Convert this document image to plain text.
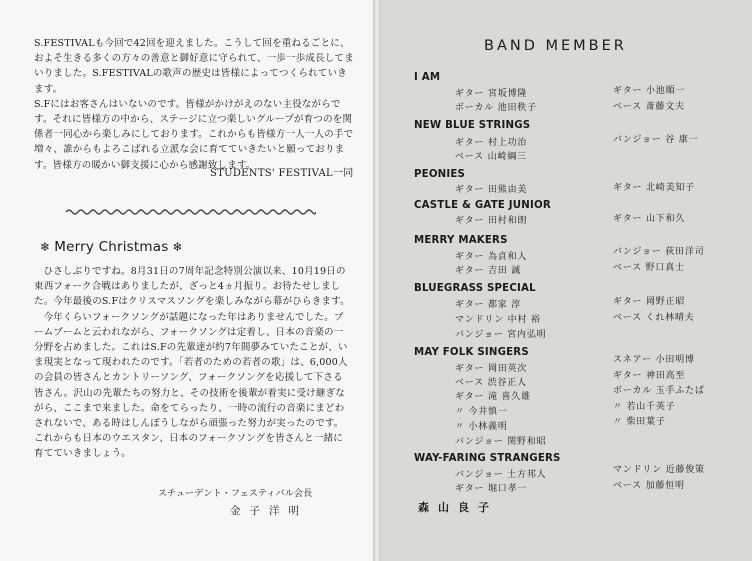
S.FESTIVALも今回で42回を迎えました。こうして回を重ねるごとに、およそ生きる多くの方々の善意と御好意に守られて、一歩一歩成長してまいりました。S.FESTIVALの歌声の歴史は皆様によってつくられていきます。

S.Fにはお客さんはいないのです。皆様がかけがえのない主役ながらです。それに皆様方の中から、ステージに立つ楽しいグループが育つのを関係者一同心から楽しみにしております。これからも皆様方一人一人の手で増々、誰からもよろこばれる立派な会に育てていきたいと願っております。皆様方の暖かい御支援に心から感謝致します。

STUDENTS' FESTIVAL一同
❄ Merry Christmas ❄

ひさしぶりですね。8月31日の7周年記念特別公演以来、10月19日の東西フォーク合戦はありましたが、ざっと4ヵ月振り。お待たせしました。今年最後のS.Fはクリスマスソングを楽しみながら幕がひらきます。

今年くらいフォークソングが話題になった年はありませんでした。ブームブームと云われながら、フォークソングは定着し、日本の音楽の一分野を占めました。これはS.Fの先輩達が約7年間夢みていたことが、いま現実となって現われたのです。「若者のための若者の歌」は、6,000人の会員の皆さんとカントリーソング、フォークソングを応援して下さる皆さん。沢山の先輩たちの努力と、その技術を後輩が着実に受け継ぎながら、ここまで来ました。命をてらったり、一時の流行の音楽にまどわされないで、ある時はしんぼうしながら頑張った努力が実ったのです。これからも日本のウエスタン、日本のフォークソングを皆さんと一緒に育てていきましょう。

スチューデント・フェスティバル会長
金子洋明
BAND MEMBER
I AM
ギター 宮坂博隆
ボーカル 池田秩子
ギター 小池順一
ベース 斎藤文夫
NEW BLUE STRINGS
ギター 村上功治
ベース 山崎綱三
バンジョー 谷 康一
PEONIES
ギター 田熊由美	ギター 北崎美知子
CASTLE & GATE JUNIOR
ギター 田村和朗	ギター 山下和久
MERRY MAKERS
ギター 為貞和人
ギター 吉田 誠
バンジョー 荻田洋司
ベース 野口真士
BLUEGRASS SPECIAL
ギター 都家 淳
マンドリン 中村 裕
バンジョー 宮内弘明
ギター 岡野正昭
ベース くれ林晴夫
MAY FOLK SINGERS
ギター 岡田英次
ベース 渋谷正人
ギター 滝 喜久雄
〃 今井慎一
〃 小林義明
バンジョー 関野和昭
スネアー 小田明博
ギター 神田高至
ボーカル 玉手ふたば
〃 若山千英子
〃 柴田葉子
WAY-FARING STRANGERS
バンジョー 土方邦人
ギター 堀口孝一
マンドリン 近藤俊策
ベース 加藤恒明
森山良子
